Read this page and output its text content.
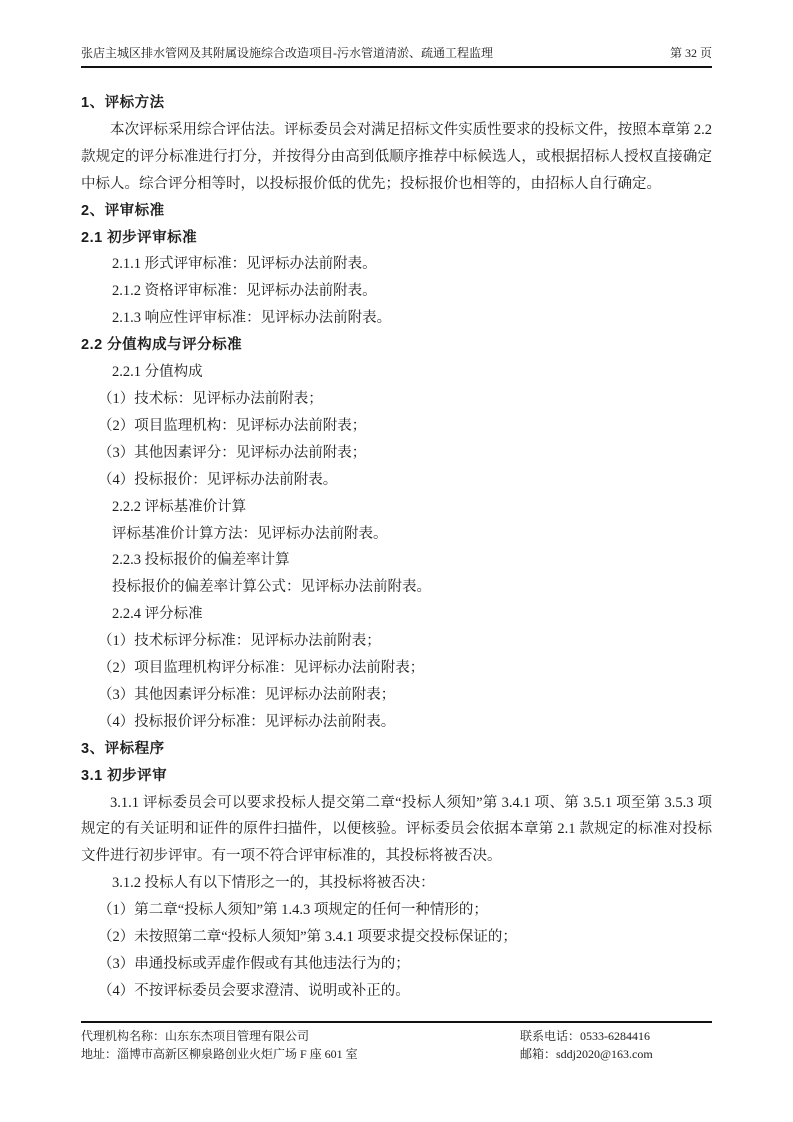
张店主城区排水管网及其附属设施综合改造项目-污水管道清淤、疏通工程监理	第 32 页
1、评标方法
本次评标采用综合评估法。评标委员会对满足招标文件实质性要求的投标文件，按照本章第 2.2 款规定的评分标准进行打分，并按得分由高到低顺序推荐中标候选人，或根据招标人授权直接确定中标人。综合评分相等时，以投标报价低的优先；投标报价也相等的，由招标人自行确定。
2、评审标准
2.1 初步评审标准
2.1.1 形式评审标准：见评标办法前附表。
2.1.2 资格评审标准：见评标办法前附表。
2.1.3 响应性评审标准：见评标办法前附表。
2.2 分值构成与评分标准
2.2.1 分值构成
（1）技术标：见评标办法前附表；
（2）项目监理机构：见评标办法前附表；
（3）其他因素评分：见评标办法前附表；
（4）投标报价：见评标办法前附表。
2.2.2 评标基准价计算
评标基准价计算方法：见评标办法前附表。
2.2.3 投标报价的偏差率计算
投标报价的偏差率计算公式：见评标办法前附表。
2.2.4 评分标准
（1）技术标评分标准：见评标办法前附表；
（2）项目监理机构评分标准：见评标办法前附表；
（3）其他因素评分标准：见评标办法前附表；
（4）投标报价评分标准：见评标办法前附表。
3、评标程序
3.1 初步评审
3.1.1 评标委员会可以要求投标人提交第二章“投标人须知”第 3.4.1 项、第 3.5.1 项至第 3.5.3 项规定的有关证明和证件的原件扫描件，以便核验。评标委员会依据本章第 2.1 款规定的标准对投标文件进行初步评审。有一项不符合评审标准的，其投标将被否决。
3.1.2 投标人有以下情形之一的，其投标将被否决：
（1）第二章“投标人须知”第 1.4.3 项规定的任何一种情形的；
（2）未按照第二章“投标人须知”第 3.4.1 项要求提交投标保证的；
（3）串通投标或弄虚作假或有其他违法行为的；
（4）不按评标委员会要求澄清、说明或补正的。
代理机构名称：山东东杰项目管理有限公司
地址：淄博市高新区柳泉路创业火炬广场 F 座 601 室
联系电话：0533-6284416
邮箱：sddj2020@163.com
